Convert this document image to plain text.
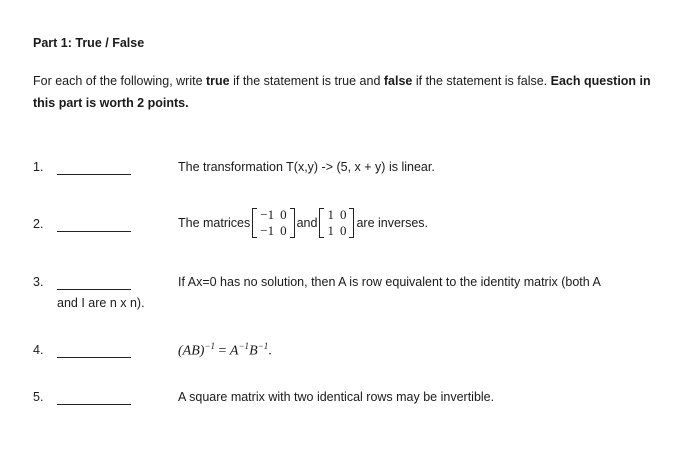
Part 1: True / False
For each of the following, write true if the statement is true and false if the statement is false. Each question in this part is worth 2 points.
1.	The transformation T(x,y) -> (5, x + y) is linear.
2.	The matrices
−1	0
−1	0 and
1	0
1	0 are inverses.
3.	If Ax=0 has no solution, then A is row equivalent to the identity matrix (both A
and I are n x n).
4.	$(AB)^{-1} = A^{-1}B^{-1}$.
5.	A square matrix with two identical rows may be invertible.
